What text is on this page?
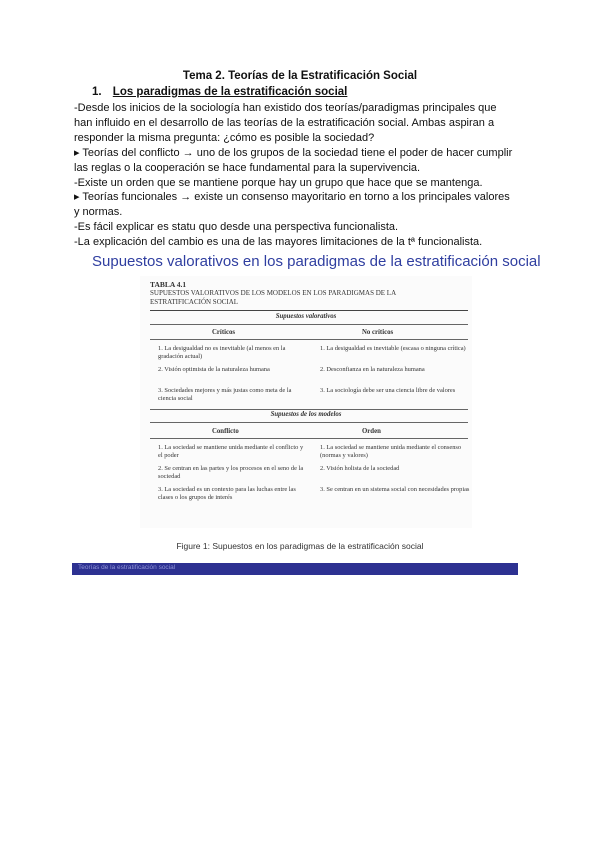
Tema 2. Teorías de la Estratificación Social
1. Los paradigmas de la estratificación social

-Desde los inicios de la sociología han existido dos teorías/paradigmas principales que han influido en el desarrollo de las teorías de la estratificación social. Ambas aspiran a responder la misma pregunta: ¿cómo es posible la sociedad?

▸ Teorías del conflicto → uno de los grupos de la sociedad tiene el poder de hacer cumplir las reglas o la cooperación se hace fundamental para la supervivencia.

-Existe un orden que se mantiene porque hay un grupo que hace que se mantenga.

▸ Teorías funcionales → existe un consenso mayoritario en torno a los principales valores y normas.

-Es fácil explicar es statu quo desde una perspectiva funcionalista.

-La explicación del cambio es una de las mayores limitaciones de la tª funcionalista.

Supuestos valorativos en los paradigmas de la estratificación social
TABLA 4.1
SUPUESTOS VALORATIVOS DE LOS MODELOS EN LOS PARADIGMAS DE LA ESTRATIFICACIÓN SOCIAL
Supuestos valorativos
Críticos	No críticos
1. La desigualdad no es inevitable (al menos en la gradación actual)
2. Visión optimista de la naturaleza humana
3. Sociedades mejores y más justas como meta de la ciencia social
1. La desigualdad es inevitable (escasa o ninguna crítica)
2. Desconfianza en la naturaleza humana
3. La sociología debe ser una ciencia libre de valores
Supuestos de los modelos
Conflicto	Orden
1. La sociedad se mantiene unida mediante el conflicto y el poder
2. Se centran en las partes y los procesos en el seno de la sociedad
3. La sociedad es un contexto para las luchas entre las clases o los grupos de interés
1. La sociedad se mantiene unida mediante el consenso (normas y valores)
2. Visión holista de la sociedad
3. Se centran en un sistema social con necesidades propias
Figure 1: Supuestos en los paradigmas de la estratificación social
Teorías de la estratificación social
